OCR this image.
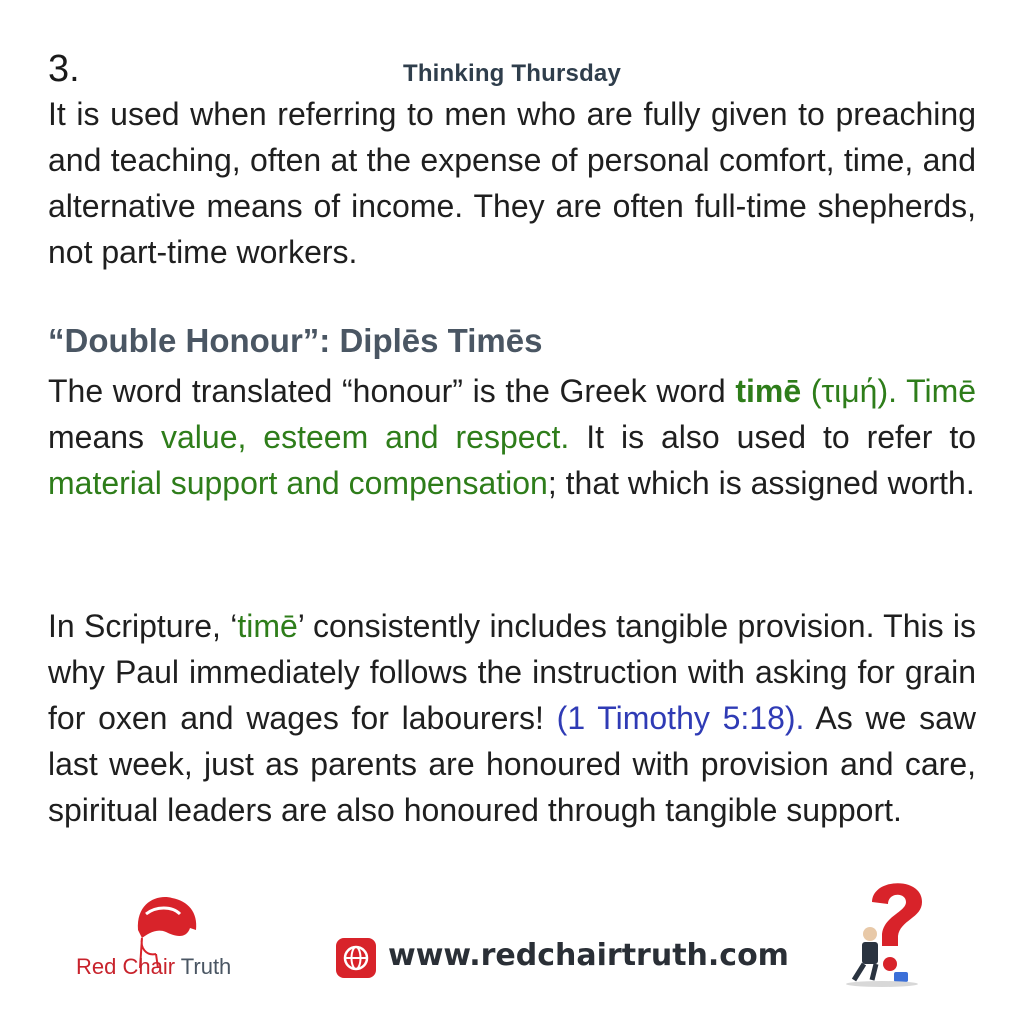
3.	Thinking Thursday
It is used when referring to men who are fully given to preaching and teaching, often at the expense of personal comfort, time, and alternative means of income. They are often full-time shepherds, not part-time workers.
“Double Honour”: Diplēs Timēs
The word translated “honour” is the Greek word timē (τιμή). Timē means value, esteem and respect. It is also used to refer to material support and compensation; that which is assigned worth.
In Scripture, ‘timē’ consistently includes tangible provision. This is why Paul immediately follows the instruction with asking for grain for oxen and wages for labourers! (1 Timothy 5:18). As we saw last week, just as parents are honoured with provision and care, spiritual leaders are also honoured through tangible support.
Red Chair Truth	www.redchairtruth.com
